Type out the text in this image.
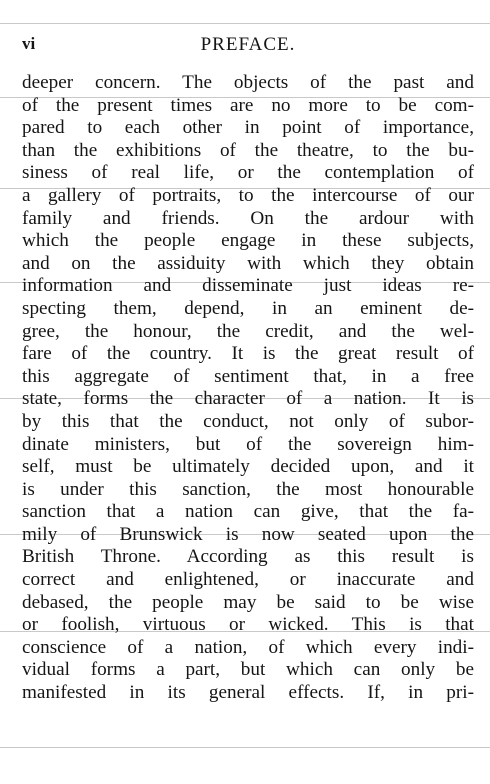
vi	PREFACE.
deeper concern. The objects of the past and
of the present times are no more to be com-
pared to each other in point of importance,
than the exhibitions of the theatre, to the bu-
siness of real life, or the contemplation of
a gallery of portraits, to the intercourse of our
family and friends. On the ardour with
which the people engage in these subjects,
and on the assiduity with which they obtain
information and disseminate just ideas re-
specting them, depend, in an eminent de-
gree, the honour, the credit, and the wel-
fare of the country. It is the great result of
this aggregate of sentiment that, in a free
state, forms the character of a nation. It is
by this that the conduct, not only of subor-
dinate ministers, but of the sovereign him-
self, must be ultimately decided upon, and it
is under this sanction, the most honourable
sanction that a nation can give, that the fa-
mily of Brunswick is now seated upon the
British Throne. According as this result is
correct and enlightened, or inaccurate and
debased, the people may be said to be wise
or foolish, virtuous or wicked. This is that
conscience of a nation, of which every indi-
vidual forms a part, but which can only be
manifested in its general effects. If, in pri-
